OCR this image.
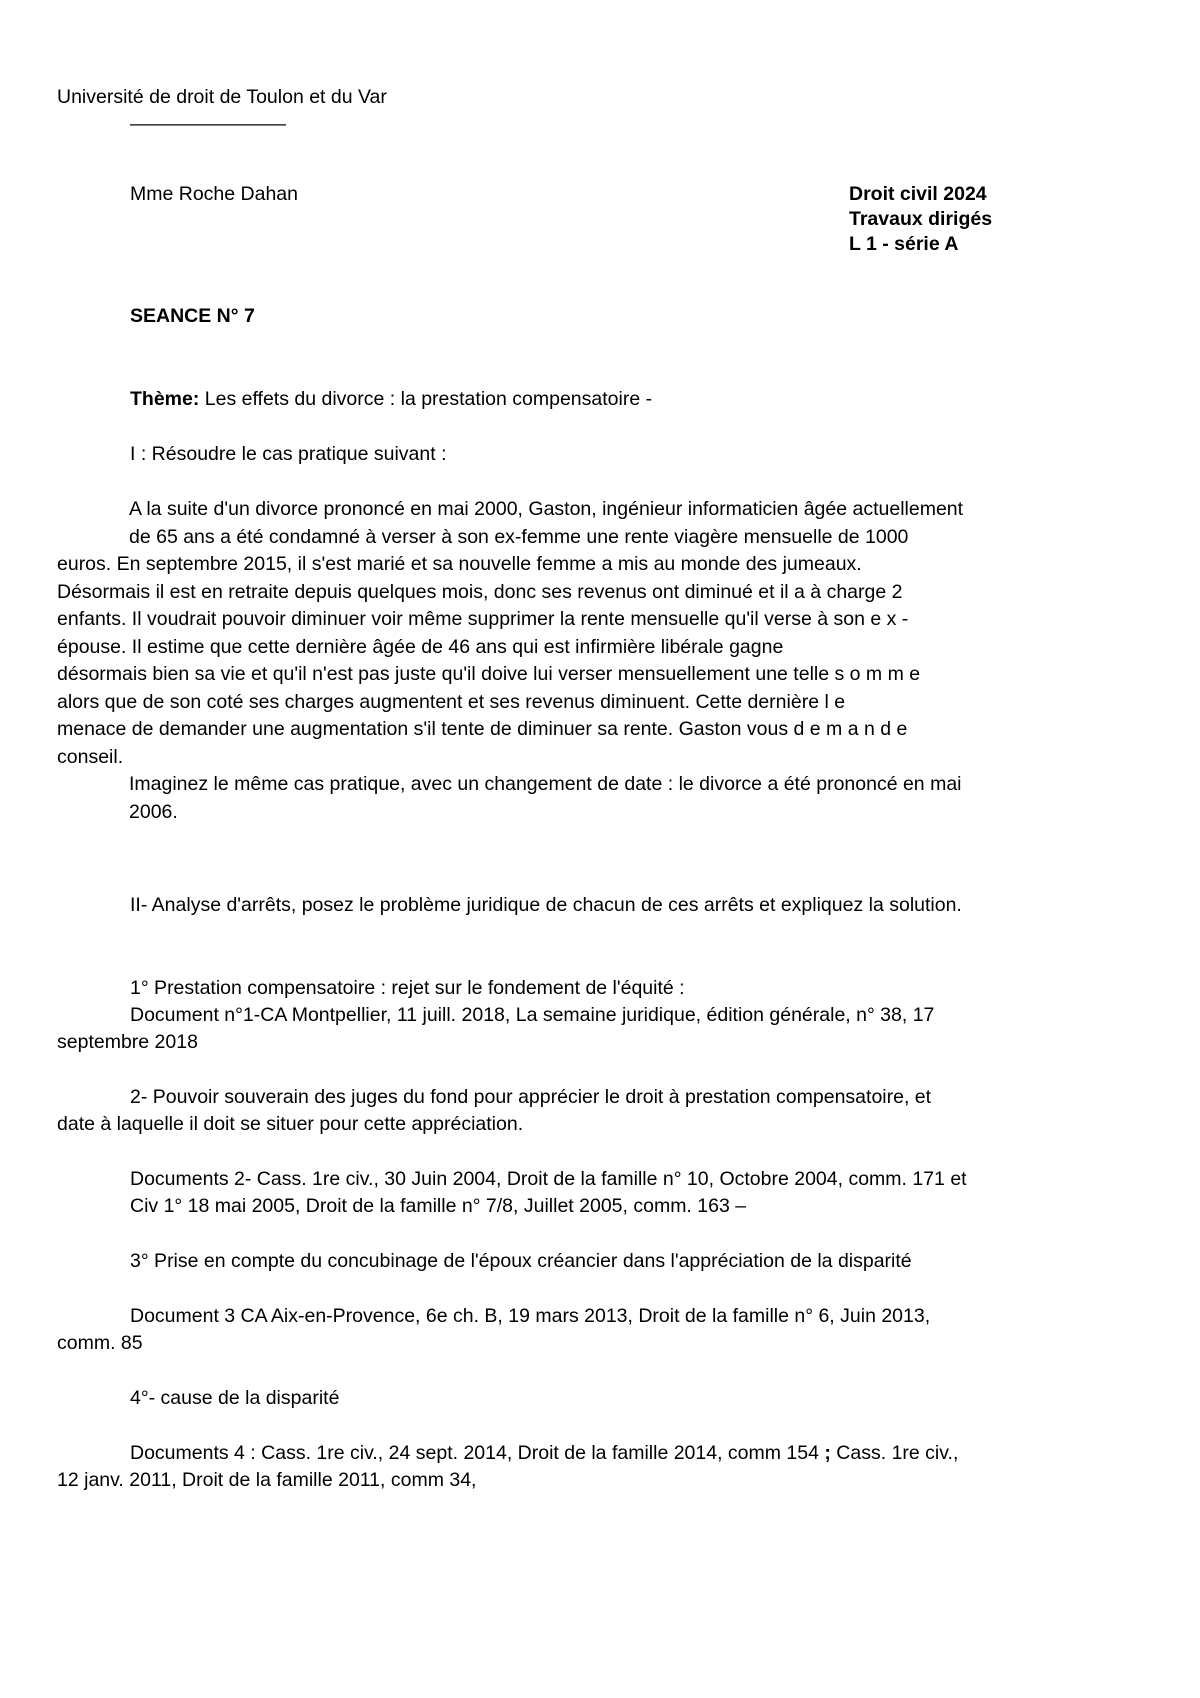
Université de droit de Toulon et du Var
————————
Mme Roche Dahan	Droit civil 2024
Travaux dirigés
L 1 - série A
SEANCE N° 7
Thème: Les effets du divorce : la prestation compensatoire -
I : Résoudre le cas pratique suivant :

A la suite d'un divorce prononcé en mai 2000, Gaston, ingénieur informaticien âgée actuellement

de 65 ans a été condamné à verser à son ex-femme une rente viagère mensuelle de 1000

euros. En septembre 2015, il s'est marié et sa nouvelle femme a mis au monde des jumeaux.

Désormais il est en retraite depuis quelques mois, donc ses revenus ont diminué et il a à charge 2

enfants. Il voudrait pouvoir diminuer voir même supprimer la rente mensuelle qu'il verse à son e x -

épouse. Il estime que cette dernière âgée de 46 ans qui est infirmière libérale gagne

désormais bien sa vie et qu'il n'est pas juste qu'il doive lui verser mensuellement une telle s o m m e

alors que de son coté ses charges augmentent et ses revenus diminuent. Cette dernière l e

menace de demander une augmentation s'il tente de diminuer sa rente. Gaston vous d e m a n d e

conseil.

Imaginez le même cas pratique, avec un changement de date : le divorce a été prononcé en mai

2006.

II- Analyse d'arrêts, posez le problème juridique de chacun de ces arrêts et expliquez la solution.
1° Prestation compensatoire : rejet sur le fondement de l'équité :
Document n°1-CA Montpellier, 11 juill. 2018, La semaine juridique, édition générale, n° 38, 17
septembre 2018
2- Pouvoir souverain des juges du fond pour apprécier le droit à prestation compensatoire, et
date à laquelle il doit se situer pour cette appréciation.
Documents 2- Cass. 1re civ., 30 Juin 2004, Droit de la famille n° 10, Octobre 2004, comm. 171 et
Civ 1° 18 mai 2005, Droit de la famille n° 7/8, Juillet 2005, comm. 163 –
3° Prise en compte du concubinage de l'époux créancier dans l'appréciation de la disparité
Document 3 CA Aix-en-Provence, 6e ch. B, 19 mars 2013, Droit de la famille n° 6, Juin 2013,
comm. 85
4°- cause de la disparité
Documents 4 : Cass. 1re civ., 24 sept. 2014, Droit de la famille 2014, comm 154 ; Cass. 1re civ.,
12 janv. 2011, Droit de la famille 2011, comm 34,
